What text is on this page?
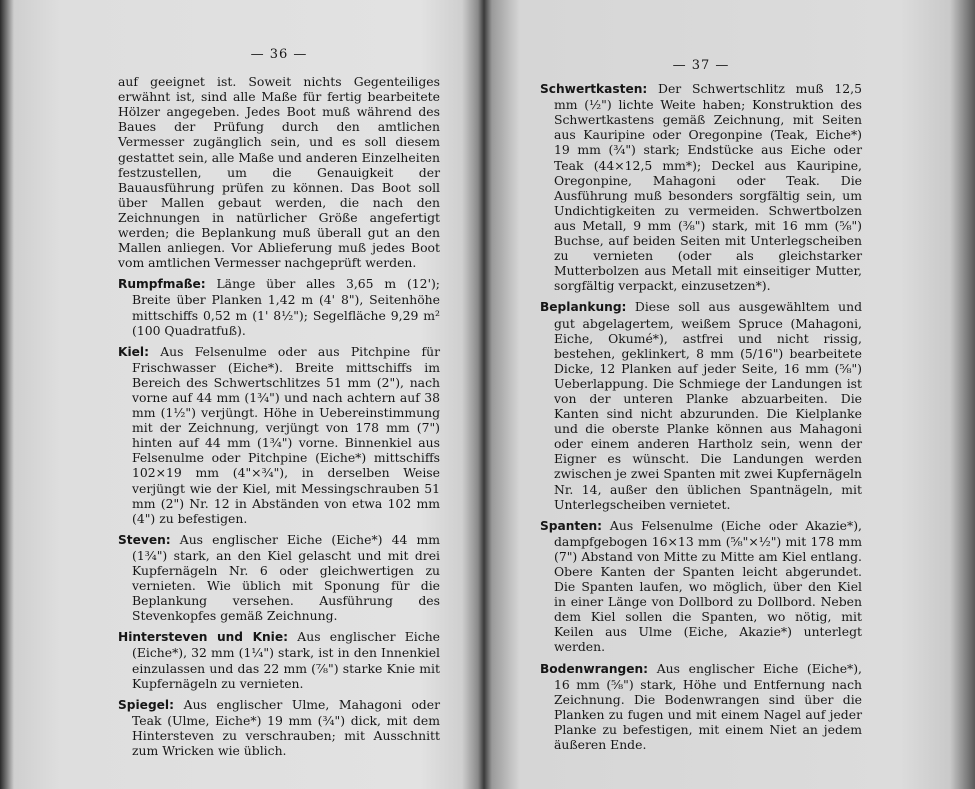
— 36 —

auf geeignet ist. Soweit nichts Gegenteiliges erwähnt ist, sind alle Maße für fertig bearbeitete Hölzer angegeben. Jedes Boot muß während des Baues der Prüfung durch den amtlichen Vermesser zugänglich sein, und es soll diesem gestattet sein, alle Maße und anderen Einzelheiten festzustellen, um die Genauigkeit der Bauausführung prüfen zu können. Das Boot soll über Mallen gebaut werden, die nach den Zeichnungen in natürlicher Größe angefertigt werden; die Beplankung muß überall gut an den Mallen anliegen. Vor Ablieferung muß jedes Boot vom amtlichen Vermesser nachgeprüft werden.

Rumpfmaße: Länge über alles 3,65 m (12'); Breite über Planken 1,42 m (4' 8"), Seitenhöhe mittschiffs 0,52 m (1' 8½"); Segelfläche 9,29 m² (100 Quadratfuß).

Kiel: Aus Felsenulme oder aus Pitchpine für Frischwasser (Eiche*). Breite mittschiffs im Bereich des Schwertschlitzes 51 mm (2"), nach vorne auf 44 mm (1¾") und nach achtern auf 38 mm (1½") verjüngt. Höhe in Uebereinstimmung mit der Zeichnung, verjüngt von 178 mm (7") hinten auf 44 mm (1¾") vorne. Binnenkiel aus Felsenulme oder Pitchpine (Eiche*) mittschiffs 102×19 mm (4"×¾"), in derselben Weise verjüngt wie der Kiel, mit Messingschrauben 51 mm (2") Nr. 12 in Abständen von etwa 102 mm (4") zu befestigen.

Steven: Aus englischer Eiche (Eiche*) 44 mm (1¾") stark, an den Kiel gelascht und mit drei Kupfernägeln Nr. 6 oder gleichwertigen zu vernieten. Wie üblich mit Sponung für die Beplankung versehen. Ausführung des Stevenkopfes gemäß Zeichnung.

Hintersteven und Knie: Aus englischer Eiche (Eiche*), 32 mm (1¼") stark, ist in den Innenkiel einzulassen und das 22 mm (⅞") starke Knie mit Kupfernägeln zu vernieten.

Spiegel: Aus englischer Ulme, Mahagoni oder Teak (Ulme, Eiche*) 19 mm (¾") dick, mit dem Hintersteven zu verschrauben; mit Ausschnitt zum Wricken wie üblich.

— 37 —

Schwertkasten: Der Schwertschlitz muß 12,5 mm (½") lichte Weite haben; Konstruktion des Schwertkastens gemäß Zeichnung, mit Seiten aus Kauripine oder Oregonpine (Teak, Eiche*) 19 mm (¾") stark; Endstücke aus Eiche oder Teak (44×12,5 mm*); Deckel aus Kauripine, Oregonpine, Mahagoni oder Teak. Die Ausführung muß besonders sorgfältig sein, um Undichtigkeiten zu vermeiden. Schwertbolzen aus Metall, 9 mm (⅜") stark, mit 16 mm (⅝") Buchse, auf beiden Seiten mit Unterlegscheiben zu vernieten (oder als gleichstarker Mutterbolzen aus Metall mit einseitiger Mutter, sorgfältig verpackt, einzusetzen*).

Beplankung: Diese soll aus ausgewähltem und gut abgelagertem, weißem Spruce (Mahagoni, Eiche, Okumé*), astfrei und nicht rissig, bestehen, geklinkert, 8 mm (5/16") bearbeitete Dicke, 12 Planken auf jeder Seite, 16 mm (⅝") Ueberlappung. Die Schmiege der Landungen ist von der unteren Planke abzuarbeiten. Die Kanten sind nicht abzurunden. Die Kielplanke und die oberste Planke können aus Mahagoni oder einem anderen Hartholz sein, wenn der Eigner es wünscht. Die Landungen werden zwischen je zwei Spanten mit zwei Kupfernägeln Nr. 14, außer den üblichen Spantnägeln, mit Unterlegscheiben vernietet.

Spanten: Aus Felsenulme (Eiche oder Akazie*), dampfgebogen 16×13 mm (⅝"×½") mit 178 mm (7") Abstand von Mitte zu Mitte am Kiel entlang. Obere Kanten der Spanten leicht abgerundet. Die Spanten laufen, wo möglich, über den Kiel in einer Länge von Dollbord zu Dollbord. Neben dem Kiel sollen die Spanten, wo nötig, mit Keilen aus Ulme (Eiche, Akazie*) unterlegt werden.

Bodenwrangen: Aus englischer Eiche (Eiche*), 16 mm (⅝") stark, Höhe und Entfernung nach Zeichnung. Die Bodenwrangen sind über die Planken zu fugen und mit einem Nagel auf jeder Planke zu befestigen, mit einem Niet an jedem äußeren Ende.
